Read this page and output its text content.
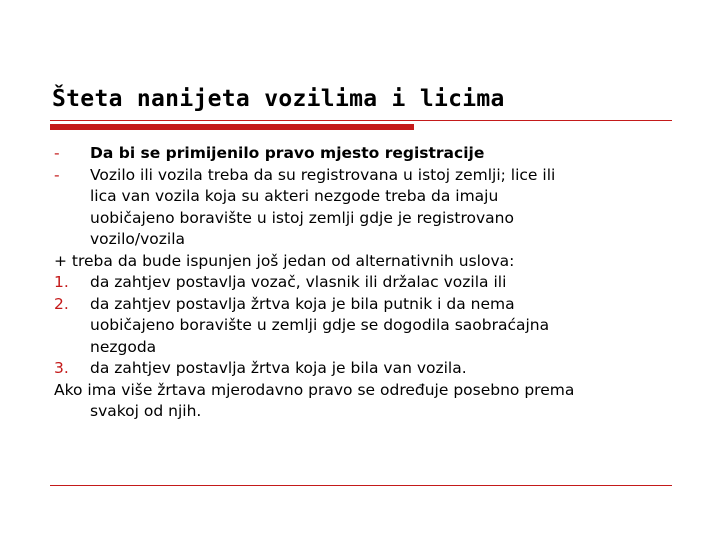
Šteta nanijeta vozilima i licima
-	Da bi se primijenilo pravo mjesto registracije
-	Vozilo ili vozila treba da su registrovana u istoj zemlji; lice ili
lica van vozila koja su akteri nezgode treba da imaju
uobičajeno boravište u istoj zemlji gdje je registrovano
vozilo/vozila
+ treba da bude ispunjen još jedan od alternativnih uslova:
1.	da zahtjev postavlja vozač, vlasnik ili držalac vozila ili
2.	da zahtjev postavlja žrtva koja je bila putnik i da nema
uobičajeno boravište u zemlji gdje se dogodila saobraćajna
nezgoda
3.	da zahtjev postavlja žrtva koja je bila van vozila.
Ako ima više žrtava mjerodavno pravo se određuje posebno prema
svakoj od njih.
